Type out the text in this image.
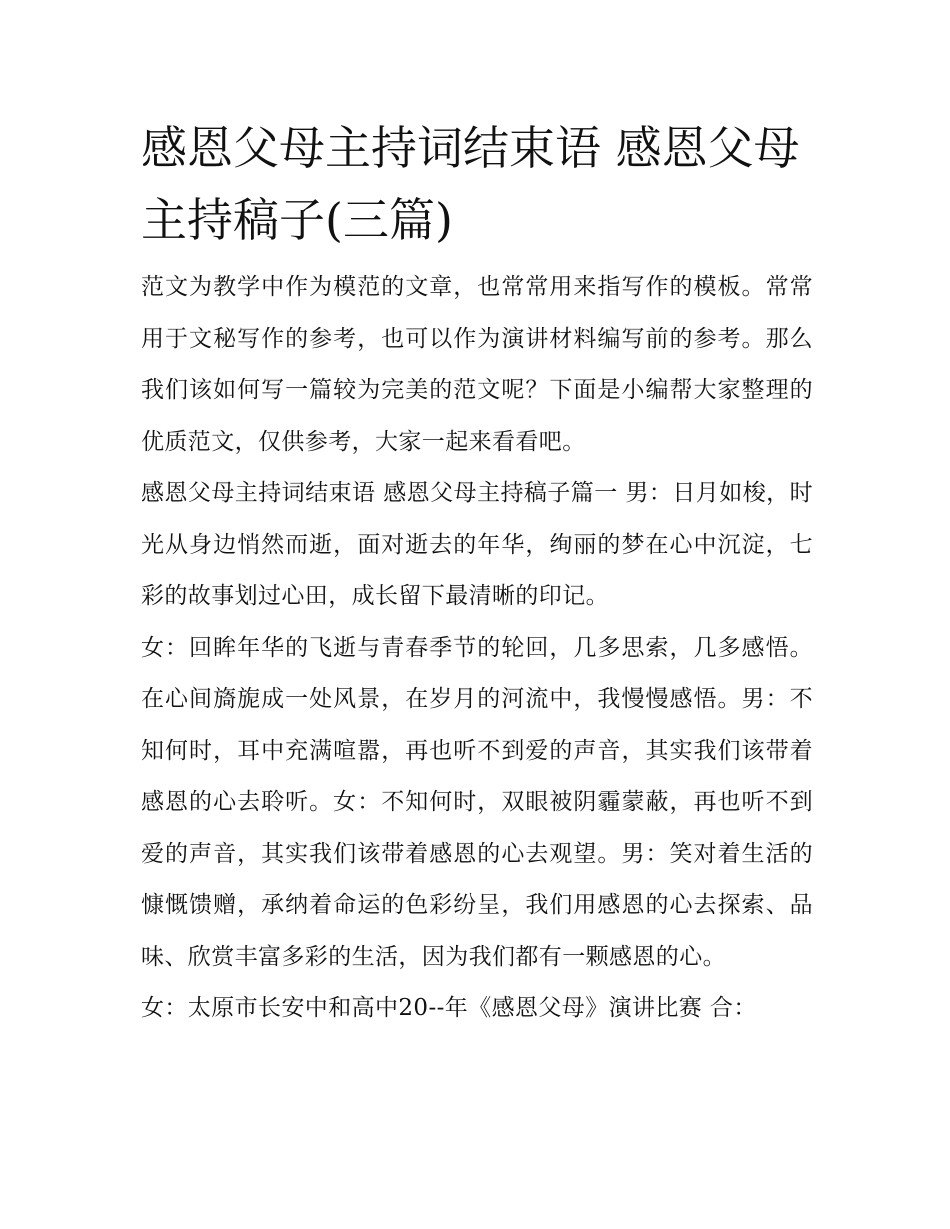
感恩父母主持词结束语 感恩父母主持稿子(三篇)

范文为教学中作为模范的文章，也常常用来指写作的模板。常常用于文秘写作的参考，也可以作为演讲材料编写前的参考。那么我们该如何写一篇较为完美的范文呢？下面是小编帮大家整理的优质范文，仅供参考，大家一起来看看吧。

感恩父母主持词结束语 感恩父母主持稿子篇一 男：日月如梭，时光从身边悄然而逝，面对逝去的年华，绚丽的梦在心中沉淀，七彩的故事划过心田，成长留下最清晰的印记。

女：回眸年华的飞逝与青春季节的轮回，几多思索，几多感悟。在心间旖旎成一处风景，在岁月的河流中，我慢慢感悟。男：不知何时，耳中充满喧嚣，再也听不到爱的声音，其实我们该带着感恩的心去聆听。女：不知何时，双眼被阴霾蒙蔽，再也听不到爱的声音，其实我们该带着感恩的心去观望。男：笑对着生活的慷慨馈赠，承纳着命运的色彩纷呈，我们用感恩的心去探索、品味、欣赏丰富多彩的生活，因为我们都有一颗感恩的心。

女：太原市长安中和高中20--年《感恩父母》演讲比赛 合：
